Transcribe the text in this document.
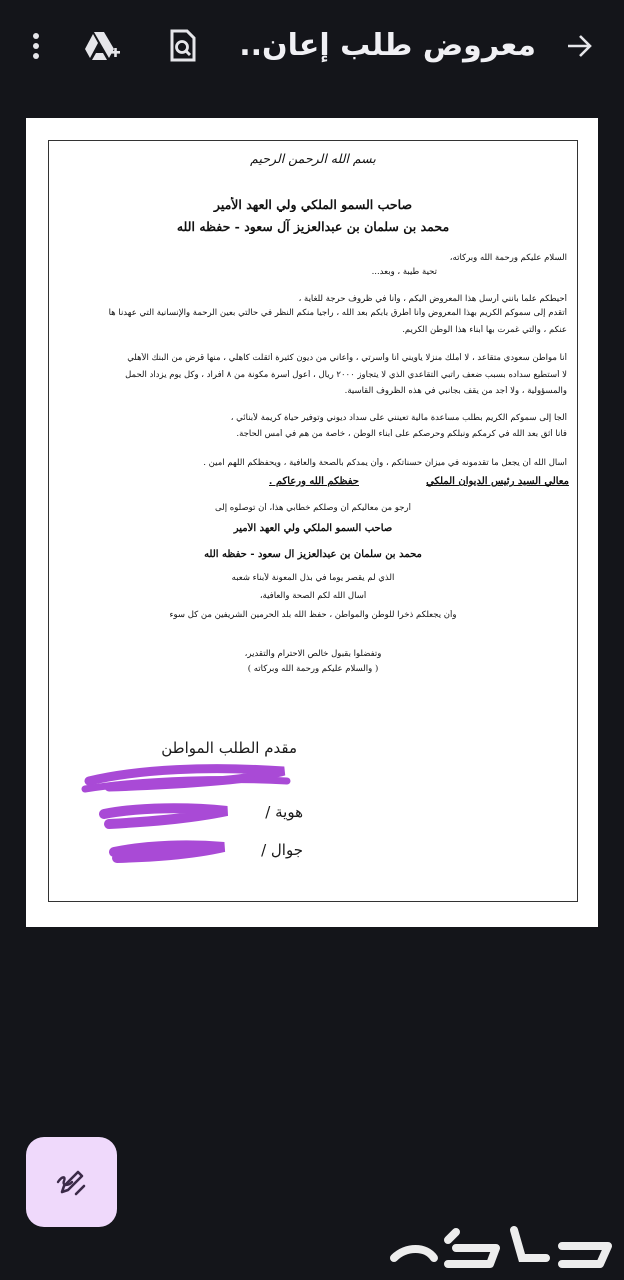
معروض طلب إعان..
بسم الله الرحمن الرحيم
صاحب السمو الملكي ولي العهد الأمير
محمد بن سلمان بن عبدالعزيز آل سعود - حفظه الله
السلام عليكم ورحمة الله وبركاته،
تحية طيبة ، وبعد...
أحيطكم علما بأنني أرسل هذا المعروض اليكم ، وأنا في ظروف حرجة للغاية ،
أتقدم إلى سموكم الكريم بهذا المعروض وأنا أطرق بابكم بعد الله ، راجيا منكم النظر في حالتي بعين الرحمة والإنسانية التي عهدنا ها
عنكم ، والتي غمرت بها أبناء هذا الوطن الكريم.
أنا مواطن سعودي متقاعد ، لا أملك منزلا يأويني أنا وأسرتي ، وأعاني من ديون كثيرة أثقلت كاهلي ، منها قرض من البنك الأهلي
لا أستطيع سداده بسبب ضعف راتبي التقاعدي الذي لا يتجاوز ٢٠٠٠ ريال ، أعول أسرة مكونة من ٨ أفراد ، وكل يوم يزداد الحمل
والمسؤولية ، ولا أجد من يقف بجانبي في هذه الظروف القاسية.
ألجأ إلى سموكم الكريم بطلب مساعدة مالية تعينني على سداد ديوني وتوفير حياة كريمة لأبنائي ،
فأنا أثق بعد الله في كرمكم ونبلكم وحرصكم على أبناء الوطن ، خاصة من هم في أمس الحاجة.
أسأل الله أن يجعل ما تقدمونه في ميزان حسناتكم ، وأن يمدكم بالصحة والعافية ، ويحفظكم اللهم آمين .
معالي السيد رئيس الديوان الملكي
حفظكم الله ورعاكم .
أرجو من معاليكم أن وصلكم خطابي هذا، أن توصلوه إلى
صاحب السمو الملكي ولي العهد الأمير
محمد بن سلمان بن عبدالعزيز آل سعود - حفظه الله
الذي لم يقصر يوما في بذل المعونة لأبناء شعبه
أسأل الله لكم الصحة والعافية،
وأن يجعلكم ذخرا للوطن والمواطن ، حفظ الله بلد الحرمين الشريفين من كل سوء
وتفضلوا بقبول خالص الاحترام والتقدير،
( والسلام عليكم ورحمة الله وبركاته )
مقدم الطلب المواطن
هوية /
جوال /
